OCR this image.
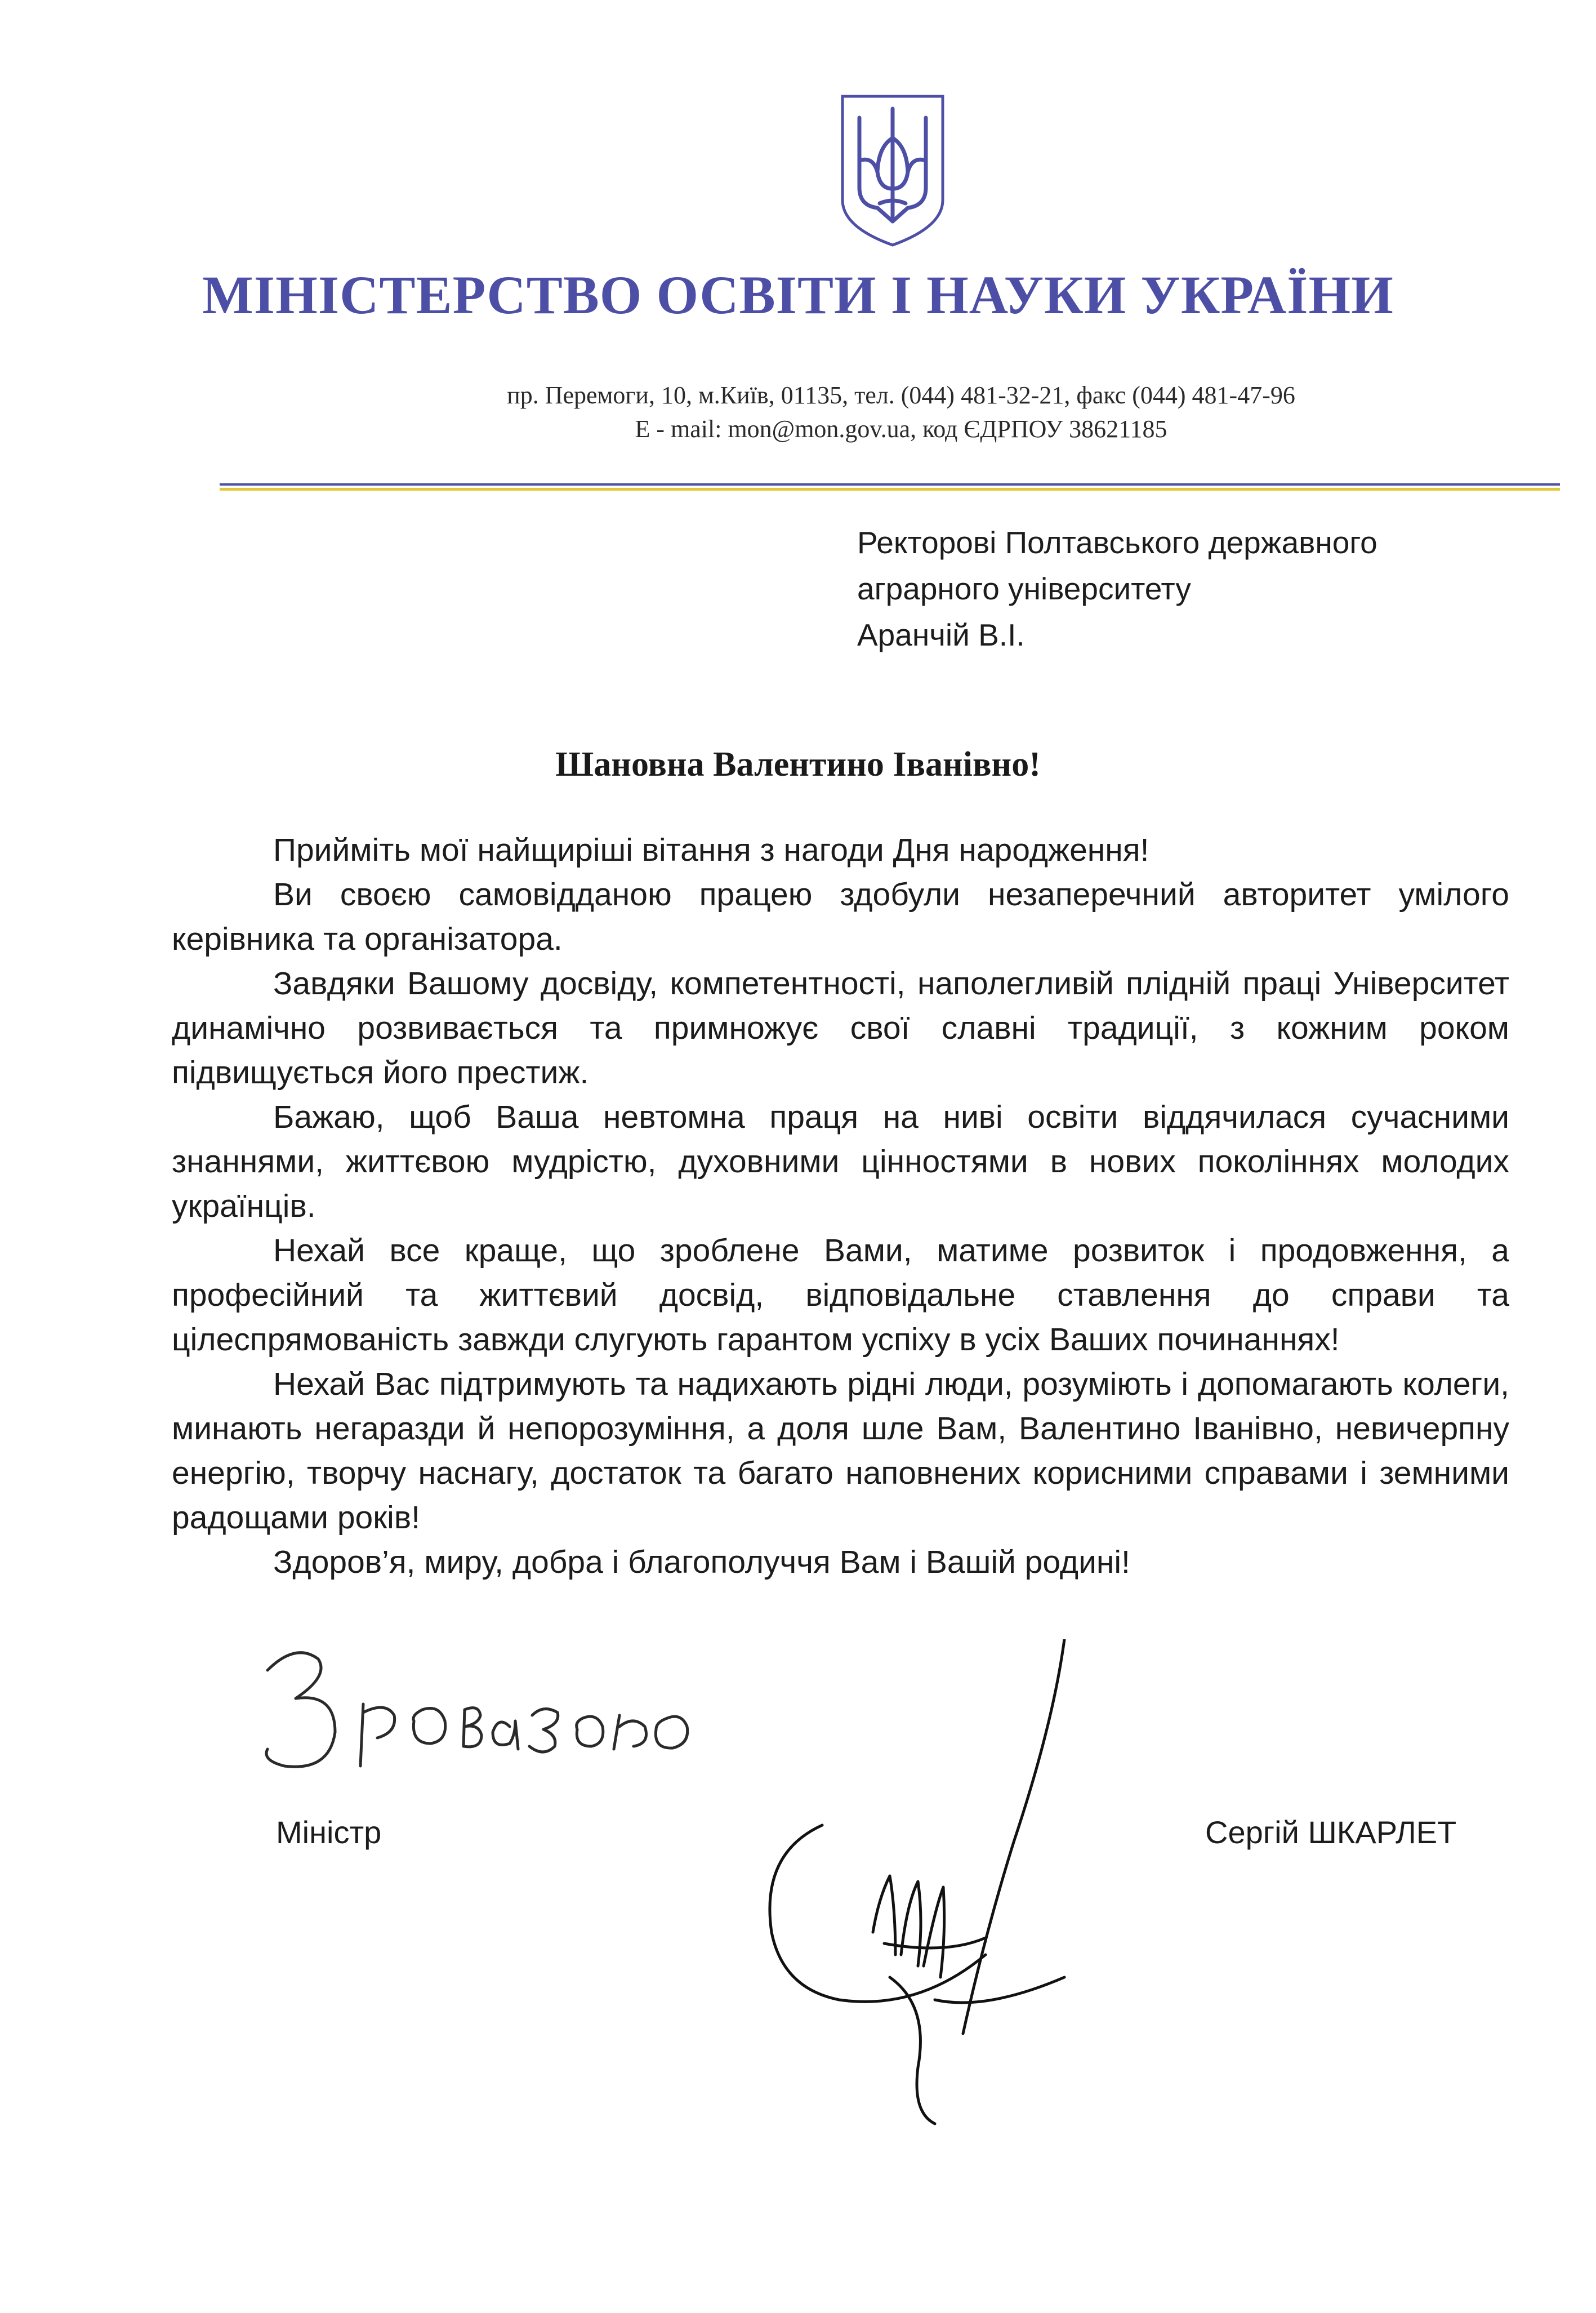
МІНІСТЕРСТВО ОСВІТИ І НАУКИ УКРАЇНИ
пр. Перемоги, 10, м.Київ, 01135, тел. (044) 481-32-21, факс (044) 481-47-96
E - mail: mon@mon.gov.ua, код ЄДРПОУ 38621185
Ректорові Полтавського державного
аграрного університету
Аранчій В.І.
Шановна Валентино Іванівно!

Прийміть мої найщиріші вітання з нагоди Дня народження!

Ви своєю самовідданою працею здобули незаперечний авторитет умілого керівника та організатора.

Завдяки Вашому досвіду, компетентності, наполегливій плідній праці Університет динамічно розвивається та примножує свої славні традиції, з кожним роком підвищується його престиж.

Бажаю, щоб Ваша невтомна праця на ниві освіти віддячилася сучасними знаннями, життєвою мудрістю, духовними цінностями в нових поколіннях молодих українців.

Нехай все краще, що зроблене Вами, матиме розвиток і продовження, а професійний та життєвий досвід, відповідальне ставлення до справи та цілеспрямованість завжди слугують гарантом успіху в усіх Ваших починаннях!

Нехай Вас підтримують та надихають рідні люди, розуміють і допомагають колеги, минають негаразди й непорозуміння, а доля шле Вам, Валентино Іванівно, невичерпну енергію, творчу наснагу, достаток та багато наповнених корисними справами і земними радощами років!

Здоров’я, миру, добра і благополуччя Вам і Вашій родині!

Міністр	Сергій ШКАРЛЕТ
